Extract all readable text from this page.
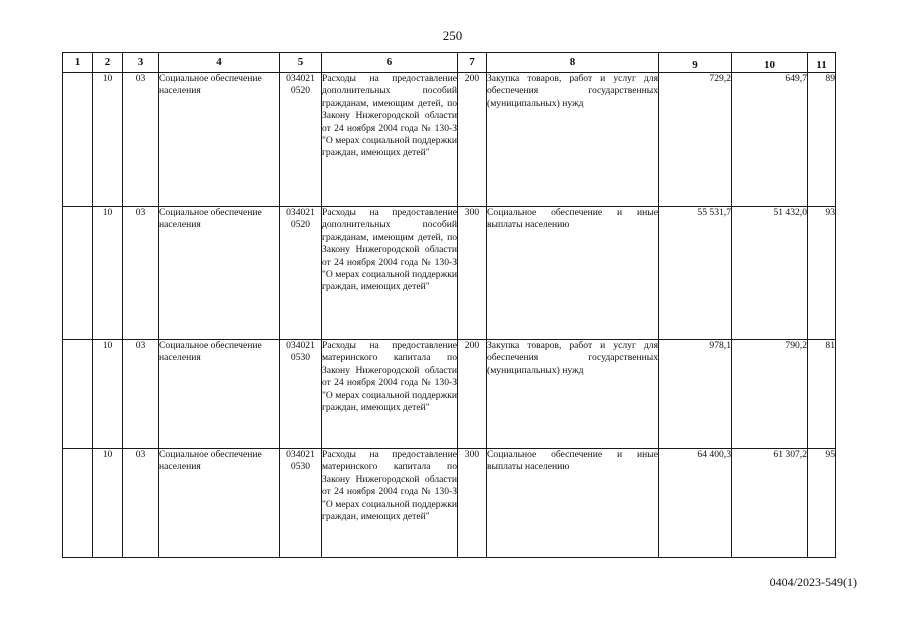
250
1	2	3	4	5	6	7	8	9	10	11
	10	03	Социальное обеспечение населения	034021 0520	Расходы на предоставление дополнительных пособий гражданам, имеющим детей, по Закону Нижегородской области от 24 ноября 2004 года № 130-З "О мерах социальной поддержки граждан, имеющих детей"	200	Закупка товаров, работ и услуг для обеспечения государственных (муниципальных) нужд	729,2	649,7	89
	10	03	Социальное обеспечение населения	034021 0520	Расходы на предоставление дополнительных пособий гражданам, имеющим детей, по Закону Нижегородской области от 24 ноября 2004 года № 130-З "О мерах социальной поддержки граждан, имеющих детей"	300	Социальное обеспечение и иные выплаты населению	55 531,7	51 432,0	93
	10	03	Социальное обеспечение населения	034021 0530	Расходы на предоставление материнского капитала по Закону Нижегородской области от 24 ноября 2004 года № 130-З "О мерах социальной поддержки граждан, имеющих детей"	200	Закупка товаров, работ и услуг для обеспечения государственных (муниципальных) нужд	978,1	790,2	81
	10	03	Социальное обеспечение населения	034021 0530	Расходы на предоставление материнского капитала по Закону Нижегородской области от 24 ноября 2004 года № 130-З "О мерах социальной поддержки граждан, имеющих детей"	300	Социальное обеспечение и иные выплаты населению	64 400,3	61 307,2	95
0404/2023-549(1)
